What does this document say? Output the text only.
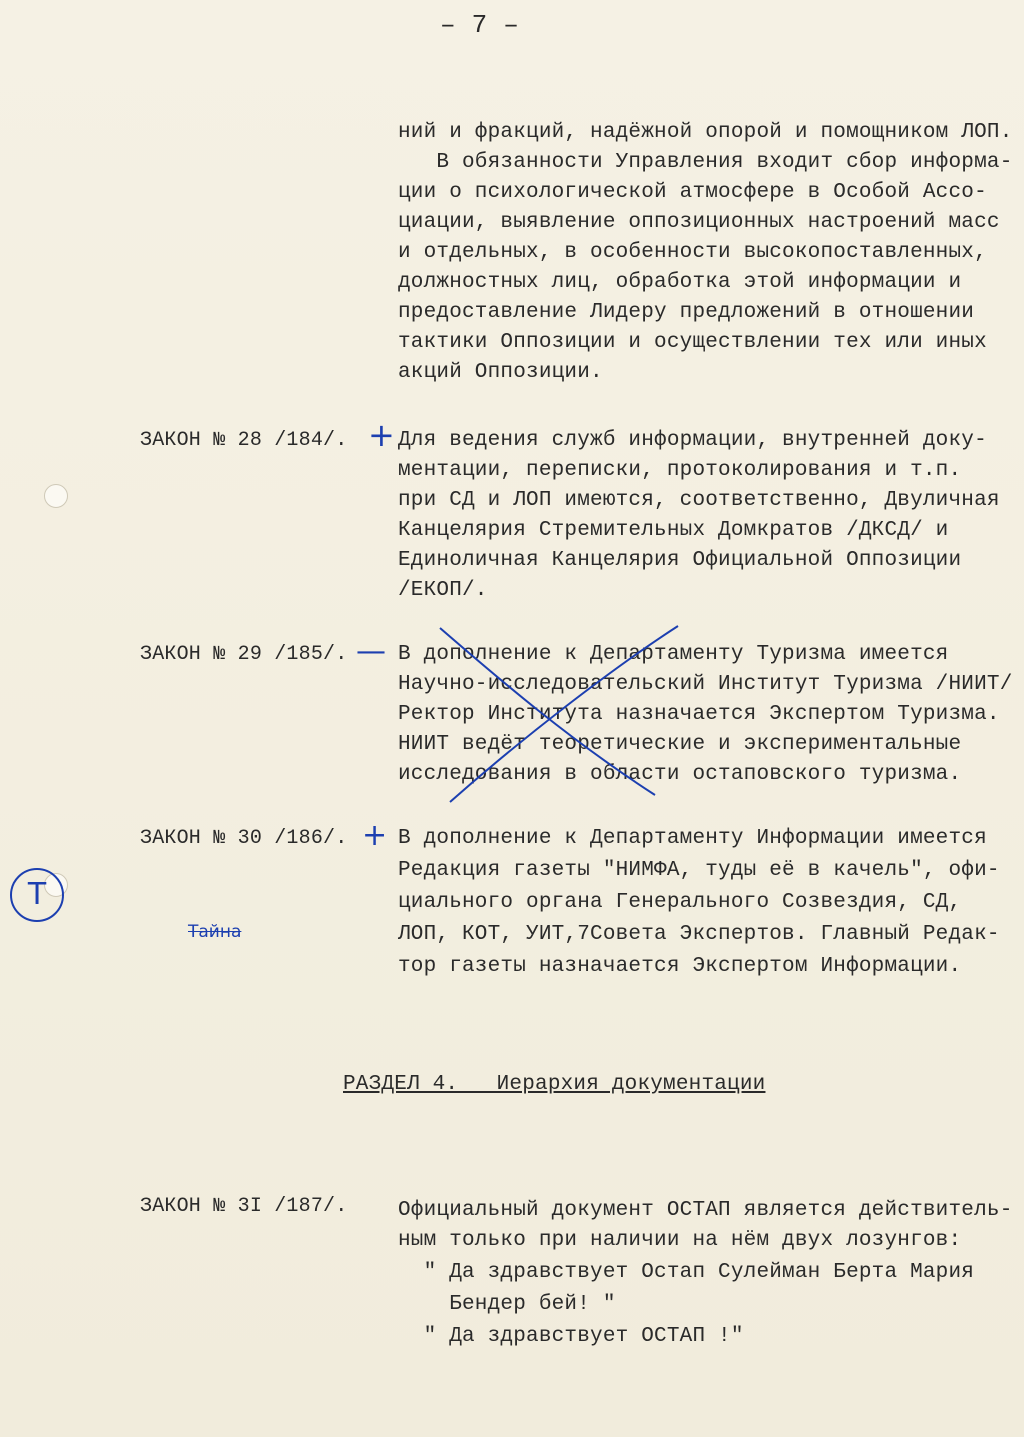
– 7 –
ний и фракций, надёжной опорой и помощником ЛОП.
В обязанности Управления входит сбор информа-
ции о психологической атмосфере в Особой Ассо-
циации, выявление оппозиционных настроений масс
и отдельных, в особенности высокопоставленных,
должностных лиц, обработка этой информации и
предоставление Лидеру предложений в отношении
тактики Оппозиции и осуществлении тех или иных
акций Оппозиции.
ЗАКОН № 28 /184/. + Для ведения служб информации, внутренней доку-
ментации, переписки, протоколирования и т.п.
при СД и ЛОП имеются, соответственно, Двуличная
Канцелярия Стремительных Домкратов /ДКСД/ и
Единоличная Канцелярия Официальной Оппозиции
/ЕКОП/.
ЗАКОН № 29 /185/. — В дополнение к Департаменту Туризма имеется
Научно-исследовательский Институт Туризма /НИИТ/
Ректор Института назначается Экспертом Туризма.
НИИТ ведёт теоретические и экспериментальные
исследования в области остаповского туризма.
ЗАКОН № 30 /186/. + В дополнение к Департаменту Информации имеется
Редакция газеты "НИМФА, туды её в качель", офи-
циального органа Генерального Созвездия, СД,
ЛОП, КОТ, УИТ,7Совета Экспертов. Главный Редак-
тор газеты назначается Экспертом Информации.
Т
Тайна
РАЗДЕЛ 4.   Иерархия документации
ЗАКОН № 3I /187/. Официальный документ ОСТАП является действитель-
ным только при наличии на нём двух лозунгов:
" Да здравствует Остап Сулейман Берта Мария
Бендер бей! "
" Да здравствует ОСТАП !"
